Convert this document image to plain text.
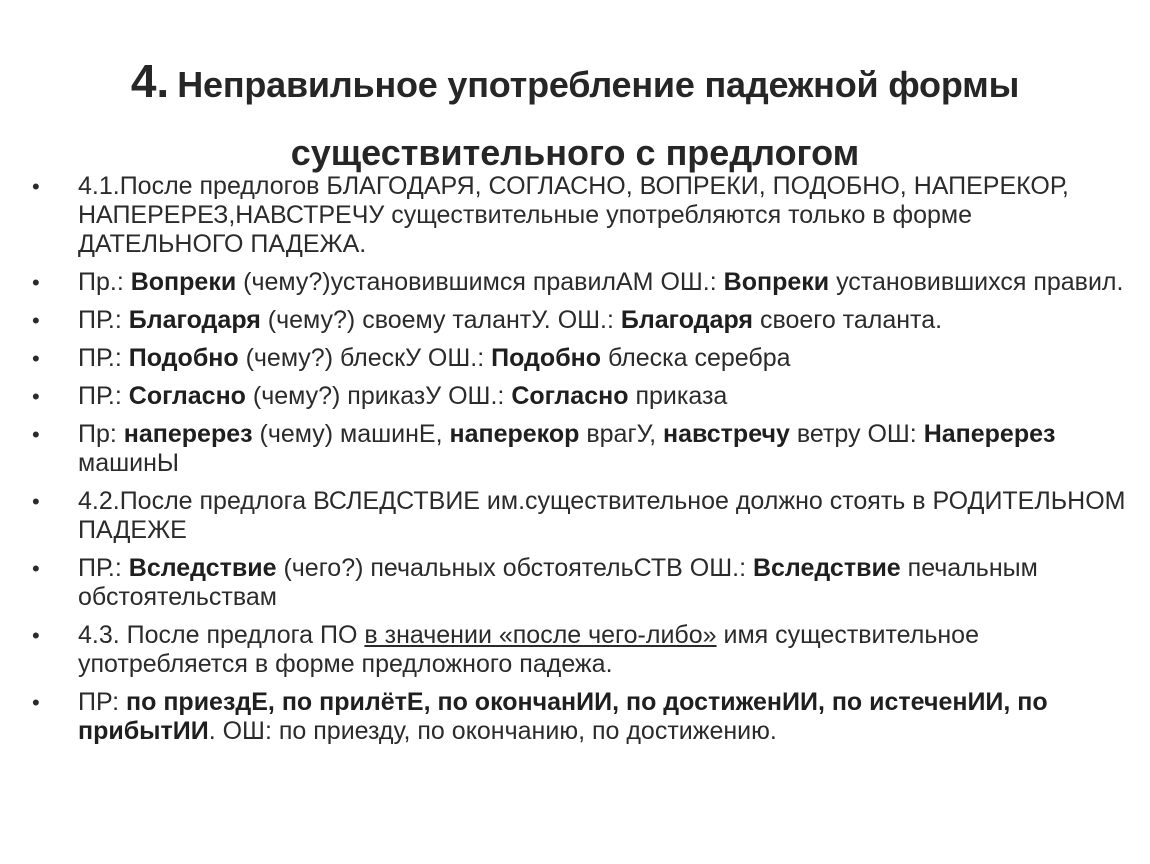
4. Неправильное употребление падежной формы
существительного с предлогом
• 4.1.После предлогов БЛАГОДАРЯ, СОГЛАСНО, ВОПРЕКИ, ПОДОБНО, НАПЕРЕКОР, НАПЕРЕРЕЗ,НАВСТРЕЧУ существительные употребляются только в форме ДАТЕЛЬНОГО ПАДЕЖА.

• Пр.: Вопреки (чему?)установившимся правилАМ ОШ.: Вопреки установившихся правил.

• ПР.: Благодаря (чему?) своему талантУ. ОШ.: Благодаря своего таланта.

• ПР.: Подобно (чему?) блескУ ОШ.: Подобно блеска серебра

• ПР.: Согласно (чему?) приказУ ОШ.: Согласно приказа

• Пр: наперерез (чему) машинЕ, наперекор врагУ, навстречу ветру ОШ: Наперерез машинЫ

• 4.2.После предлога ВСЛЕДСТВИЕ им.существительное должно стоять в РОДИТЕЛЬНОМ ПАДЕЖЕ

• ПР.: Вследствие (чего?) печальных обстоятельСТВ ОШ.: Вследствие печальным обстоятельствам

• 4.3. После предлога ПО в значении «после чего-либо» имя существительное употребляется в форме предложного падежа.

• ПР: по приездЕ, по прилётЕ, по окончанИИ, по достиженИИ, по истеченИИ, по прибытИИ. ОШ: по приезду, по окончанию, по достижению.
